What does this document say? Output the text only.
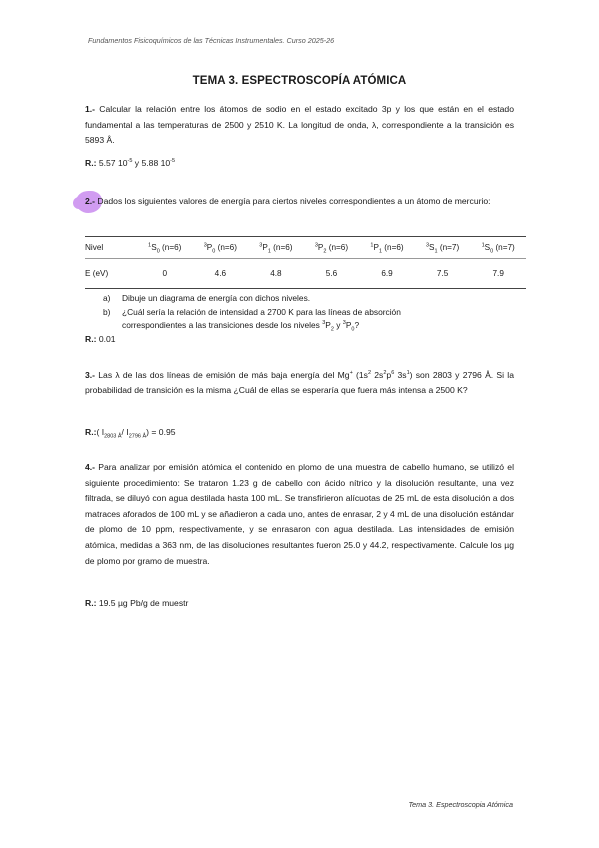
Fundamentos Fisicoquímicos de las Técnicas Instrumentales. Curso 2025-26
TEMA 3. ESPECTROSCOPÍA ATÓMICA
1.- Calcular la relación entre los átomos de sodio en el estado excitado 3p y los que están en el estado fundamental a las temperaturas de 2500 y 2510 K. La longitud de onda, λ, correspondiente a la transición es 5893 Å.
R.: 5.57 $10^{-5}$ y 5.88 $10^{-5}$
2.- Dados los siguientes valores de energía para ciertos niveles correspondientes a un átomo de mercurio:
Nivel	$^1S_0$ (n=6)	$^3P_0$ (n=6)	$^3P_1$ (n=6)	$^3P_2$ (n=6)	$^1P_1$ (n=6)	$^3S_1$ (n=7)	$^1S_0$ (n=7)
E (eV)	0	4.6	4.8	5.6	6.9	7.5	7.9
a) Dibuje un diagrama de energía con dichos niveles.
b) ¿Cuál sería la relación de intensidad a 2700 K para las líneas de absorción correspondientes a las transiciones desde los niveles $^3P_2$ y $^3P_0$?
R.: 0.01
3.- Las λ de las dos líneas de emisión de más baja energía del Mg+ ($1s^2$ $2s^2p^6$ $3s^1$) son 2803 y 2796 Å. Si la probabilidad de transición es la misma ¿Cuál de ellas se esperaría que fuera más intensa a 2500 K?
R.:( $I_{2803 Å}/$ $I_{2796 Å}) = 0.95$
4.- Para analizar por emisión atómica el contenido en plomo de una muestra de cabello humano, se utilizó el siguiente procedimiento: Se trataron 1.23 g de cabello con ácido nítrico y la disolución resultante, una vez filtrada, se diluyó con agua destilada hasta 100 mL. Se transfirieron alícuotas de 25 mL de esta disolución a dos matraces aforados de 100 mL y se añadieron a cada uno, antes de enrasar, 2 y 4 mL de una disolución estándar de plomo de 10 ppm, respectivamente, y se enrasaron con agua destilada. Las intensidades de emisión atómica, medidas a 363 nm, de las disoluciones resultantes fueron 25.0 y 44.2, respectivamente. Calcule los µg de plomo por gramo de muestra.
R.: 19.5 µg Pb/g de muestr
Tema 3. Espectroscopia Atómica
